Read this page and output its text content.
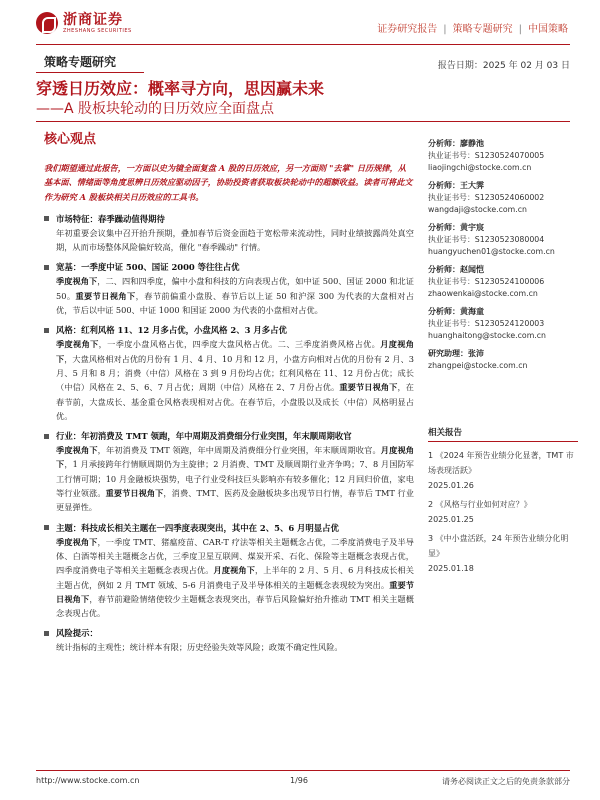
浙商证券
ZHESHANG SECURITIES	证券研究报告 | 策略专题研究 | 中国策略
策略专题研究	报告日期：2025 年 02 月 03 日
穿透日历效应：概率寻方向，思因赢未来
——A 股板块轮动的日历效应全面盘点
核心观点
我们期望通过此报告，一方面以史为镜全面复盘 A 股的日历效应，另一方面则 "去掌" 日历规律，从基本面、情绪面等角度思辨日历效应驱动因子，协助投资者获取板块轮动中的超额收益。读者可将此文作为研究 A 股板块相关日历效应的工具书。
市场特征：春季躁动值得期待

年初重要会议集中召开抬升预期，叠加春节后资金面趋于宽松带来流动性，同时业绩披露尚处真空期，从而市场整体风险偏好较高，催化 "春季躁动" 行情。

宽基：一季度中证 500、国证 2000 等往往占优

季度视角下，二、四和四季度，偏中小盘和科技的方向表现占优，如中证 500、国证 2000 和北证 50。重要节日视角下，春节前偏重小盘股、春节后以上证 50 和沪深 300 为代表的大盘相对占优，节后以中证 500、中证 1000 和国证 2000 为代表的小盘相对占优。

风格：红利风格 11、12 月多占优，小盘风格 2、3 月多占优

季度视角下，一季度小盘风格占优，四季度大盘风格占优。二、三季度消费风格占优。月度视角下，大盘风格相对占优的月份有 1 月、4 月、10 月和 12 月，小盘方向相对占优的月份有 2 月、3 月、5 月和 8 月；消费（中信）风格在 3 到 9 月份均占优；红利风格在 11、12 月份占优；成长（中信）风格在 2、5、6、7 月占优；周期（中信）风格在 2、7 月份占优。重要节日视角下，在春节前，大盘成长、基金重仓风格表现相对占优。在春节后，小盘股以及成长（中信）风格明显占优。

行业：年初消费及 TMT 领跑，年中周期及消费细分行业突围，年末顺周期收官

季度视角下，年初消费及 TMT 领跑，年中周期及消费细分行业突围，年末顺周期收官。月度视角下，1 月承接跨年行情顺周期仍为主旋律；2 月消费、TMT 及顺周期行业齐争鸣；7、8 月国防军工行情可期；10 月金融板块强势，电子行业受科技巨头影响亦有较多催化；12 月回归价值，家电等行业领涨。重要节日视角下，消费、TMT、医药及金融板块多出现节日行情，春节后 TMT 行业更显弹性。

主题：科技成长相关主题在一四季度表现突出，其中在 2、5、6 月明显占优

季度视角下，一季度 TMT、猪瘟疫苗、CAR-T 疗法等相关主题概念占优，二季度消费电子及半导体、白酒等相关主题概念占优，三季度卫星互联网、煤炭开采、石化、保险等主题概念表现占优，四季度消费电子等相关主题概念表现占优。月度视角下，上半年的 2 月、5 月、6 月科技成长相关主题占优，例如 2 月 TMT 领域、5-6 月消费电子及半导体相关的主题概念表现较为突出。重要节日视角下，春节前避险情绪使较少主题概念表现突出，春节后风险偏好抬升推动 TMT 相关主题概念表现占优。

风险提示：

统计指标的主观性；统计样本有限；历史经验失效等风险；政策不确定性风险。

分析师：廖静池
执业证书号：S1230524070005
liaojingchi@stocke.com.cn
分析师：王大霁
执业证书号：S1230524060002
wangdaji@stocke.com.cn
分析师：黄宇宸
执业证书号：S1230523080004
huangyuchen01@stocke.com.cn
分析师：赵闻恺
执业证书号：S1230524100006
zhaowenkai@stocke.com.cn
分析师：黄海童
执业证书号：S1230524120003
huanghaitong@stocke.com.cn
研究助理：张沛
zhangpei@stocke.com.cn
相关报告
1 《2024 年预告业绩分化显著，TMT 市场表现活跃》
2025.01.26
2 《风格与行业如何对应？》
2025.01.25
3 《中小盘活跃，24 年预告业绩分化明显》
2025.01.18
http://www.stocke.com.cn	1/96	请务必阅读正文之后的免责条款部分
